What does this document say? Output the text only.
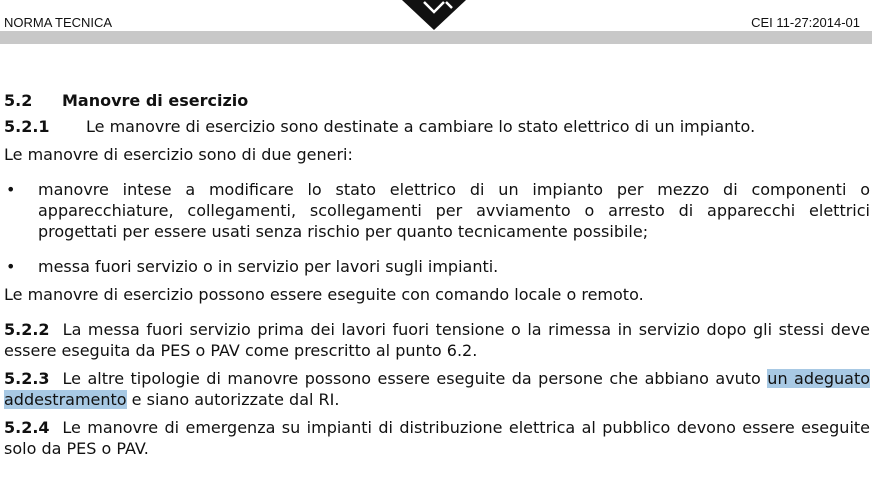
NORMA TECNICA	CEI 11-27:2014-01
5.2 Manovre di esercizio

5.2.1 Le manovre di esercizio sono destinate a cambiare lo stato elettrico di un impianto.

Le manovre di esercizio sono di due generi:

• manovre intese a modificare lo stato elettrico di un impianto per mezzo di componenti o apparecchiature, collegamenti, scollegamenti per avviamento o arresto di apparecchi elettrici progettati per essere usati senza rischio per quanto tecnicamente possibile;
• messa fuori servizio o in servizio per lavori sugli impianti.

Le manovre di esercizio possono essere eseguite con comando locale o remoto.

5.2.2 La messa fuori servizio prima dei lavori fuori tensione o la rimessa in servizio dopo gli stessi deve essere eseguita da PES o PAV come prescritto al punto 6.2.

5.2.3 Le altre tipologie di manovre possono essere eseguite da persone che abbiano avuto un adeguato addestramento e siano autorizzate dal RI.

5.2.4 Le manovre di emergenza su impianti di distribuzione elettrica al pubblico devono essere eseguite solo da PES o PAV.
